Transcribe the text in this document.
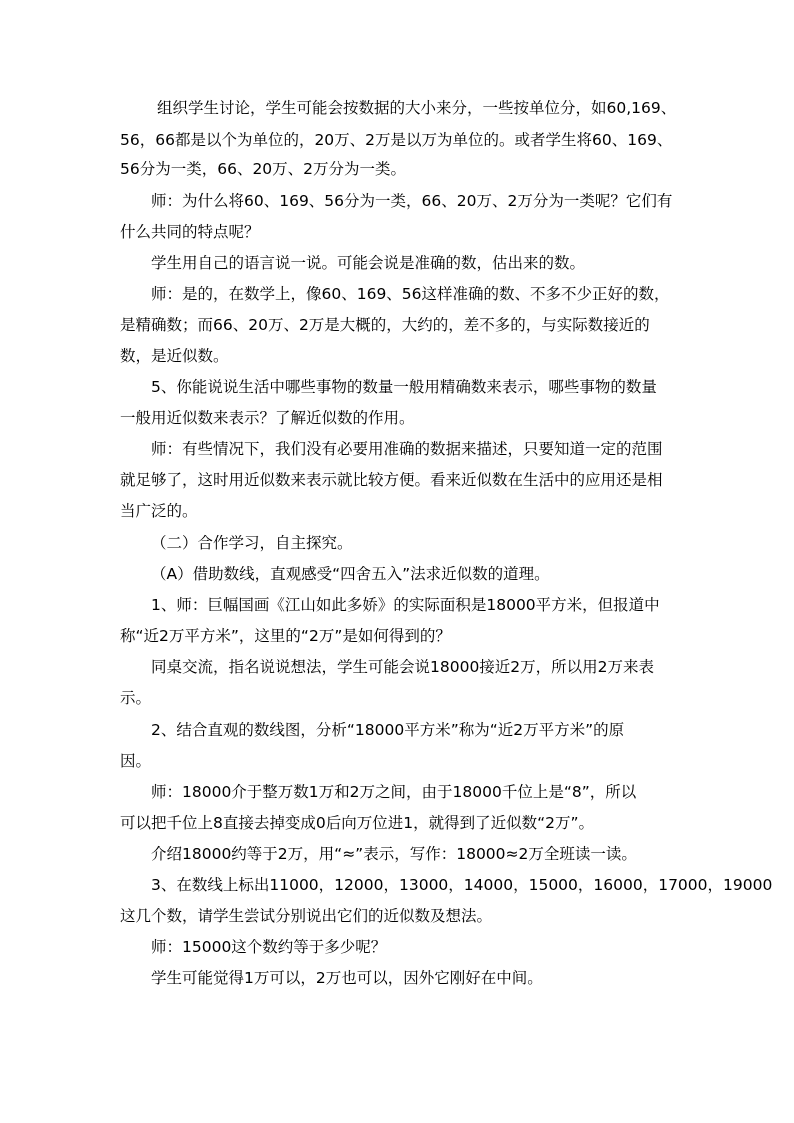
组织学生讨论，学生可能会按数据的大小来分，一些按单位分，如60,169、
56，66都是以个为单位的，20万、2万是以万为单位的。或者学生将60、169、
56分为一类，66、20万、2万分为一类。
师：为什么将60、169、56分为一类，66、20万、2万分为一类呢？它们有
什么共同的特点呢？
学生用自己的语言说一说。可能会说是准确的数，估出来的数。
师：是的，在数学上，像60、169、56这样准确的数、不多不少正好的数，
是精确数；而66、20万、2万是大概的，大约的，差不多的，与实际数接近的
数，是近似数。
5、你能说说生活中哪些事物的数量一般用精确数来表示，哪些事物的数量
一般用近似数来表示？了解近似数的作用。
师：有些情况下，我们没有必要用准确的数据来描述，只要知道一定的范围
就足够了，这时用近似数来表示就比较方便。看来近似数在生活中的应用还是相
当广泛的。
（二）合作学习，自主探究。
（A）借助数线，直观感受“四舍五入”法求近似数的道理。
1、师：巨幅国画《江山如此多娇》的实际面积是18000平方米，但报道中
称“近2万平方米”，这里的“2万”是如何得到的？
同桌交流，指名说说想法，学生可能会说18000接近2万，所以用2万来表
示。
2、结合直观的数线图，分析“18000平方米”称为“近2万平方米”的原
因。
师：18000介于整万数1万和2万之间，由于18000千位上是“8”，所以
可以把千位上8直接去掉变成0后向万位进1，就得到了近似数“2万”。
介绍18000约等于2万，用“≈”表示，写作：18000≈2万全班读一读。
3、在数线上标出11000，12000，13000，14000，15000，16000，17000，19000
这几个数，请学生尝试分别说出它们的近似数及想法。
师：15000这个数约等于多少呢？
学生可能觉得1万可以，2万也可以，因外它刚好在中间。
